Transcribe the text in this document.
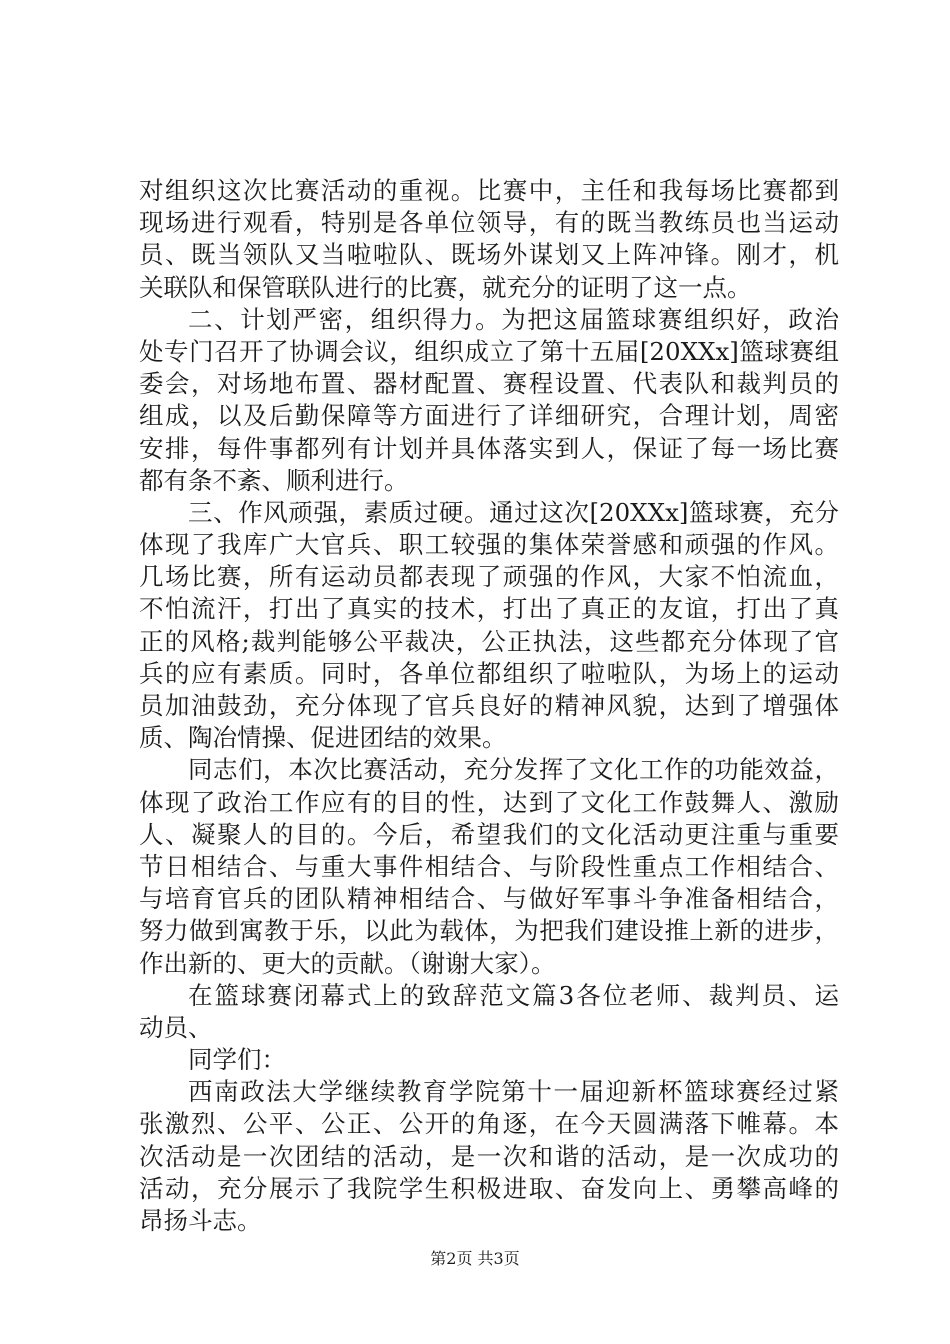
对组织这次比赛活动的重视。比赛中，主任和我每场比赛都到
现场进行观看，特别是各单位领导，有的既当教练员也当运动
员、既当领队又当啦啦队、既场外谋划又上阵冲锋。刚才，机
关联队和保管联队进行的比赛，就充分的证明了这一点。
二、计划严密，组织得力。为把这届篮球赛组织好，政治
处专门召开了协调会议，组织成立了第十五届[20XXx]篮球赛组
委会，对场地布置、器材配置、赛程设置、代表队和裁判员的
组成，以及后勤保障等方面进行了详细研究，合理计划，周密
安排，每件事都列有计划并具体落实到人，保证了每一场比赛
都有条不紊、顺利进行。
三、作风顽强，素质过硬。通过这次[20XXx]篮球赛，充分
体现了我库广大官兵、职工较强的集体荣誉感和顽强的作风。
几场比赛，所有运动员都表现了顽强的作风，大家不怕流血，
不怕流汗，打出了真实的技术，打出了真正的友谊，打出了真
正的风格;裁判能够公平裁决，公正执法，这些都充分体现了官
兵的应有素质。同时，各单位都组织了啦啦队，为场上的运动
员加油鼓劲，充分体现了官兵良好的精神风貌，达到了增强体
质、陶冶情操、促进团结的效果。
同志们，本次比赛活动，充分发挥了文化工作的功能效益，
体现了政治工作应有的目的性，达到了文化工作鼓舞人、激励
人、凝聚人的目的。今后，希望我们的文化活动更注重与重要
节日相结合、与重大事件相结合、与阶段性重点工作相结合、
与培育官兵的团队精神相结合、与做好军事斗争准备相结合，
努力做到寓教于乐，以此为载体，为把我们建设推上新的进步，
作出新的、更大的贡献。（谢谢大家）。
在篮球赛闭幕式上的致辞范文篇3各位老师、裁判员、运
动员、
同学们：
西南政法大学继续教育学院第十一届迎新杯篮球赛经过紧
张激烈、公平、公正、公开的角逐，在今天圆满落下帷幕。本
次活动是一次团结的活动，是一次和谐的活动，是一次成功的
活动，充分展示了我院学生积极进取、奋发向上、勇攀高峰的
昂扬斗志。
第2页 共3页
